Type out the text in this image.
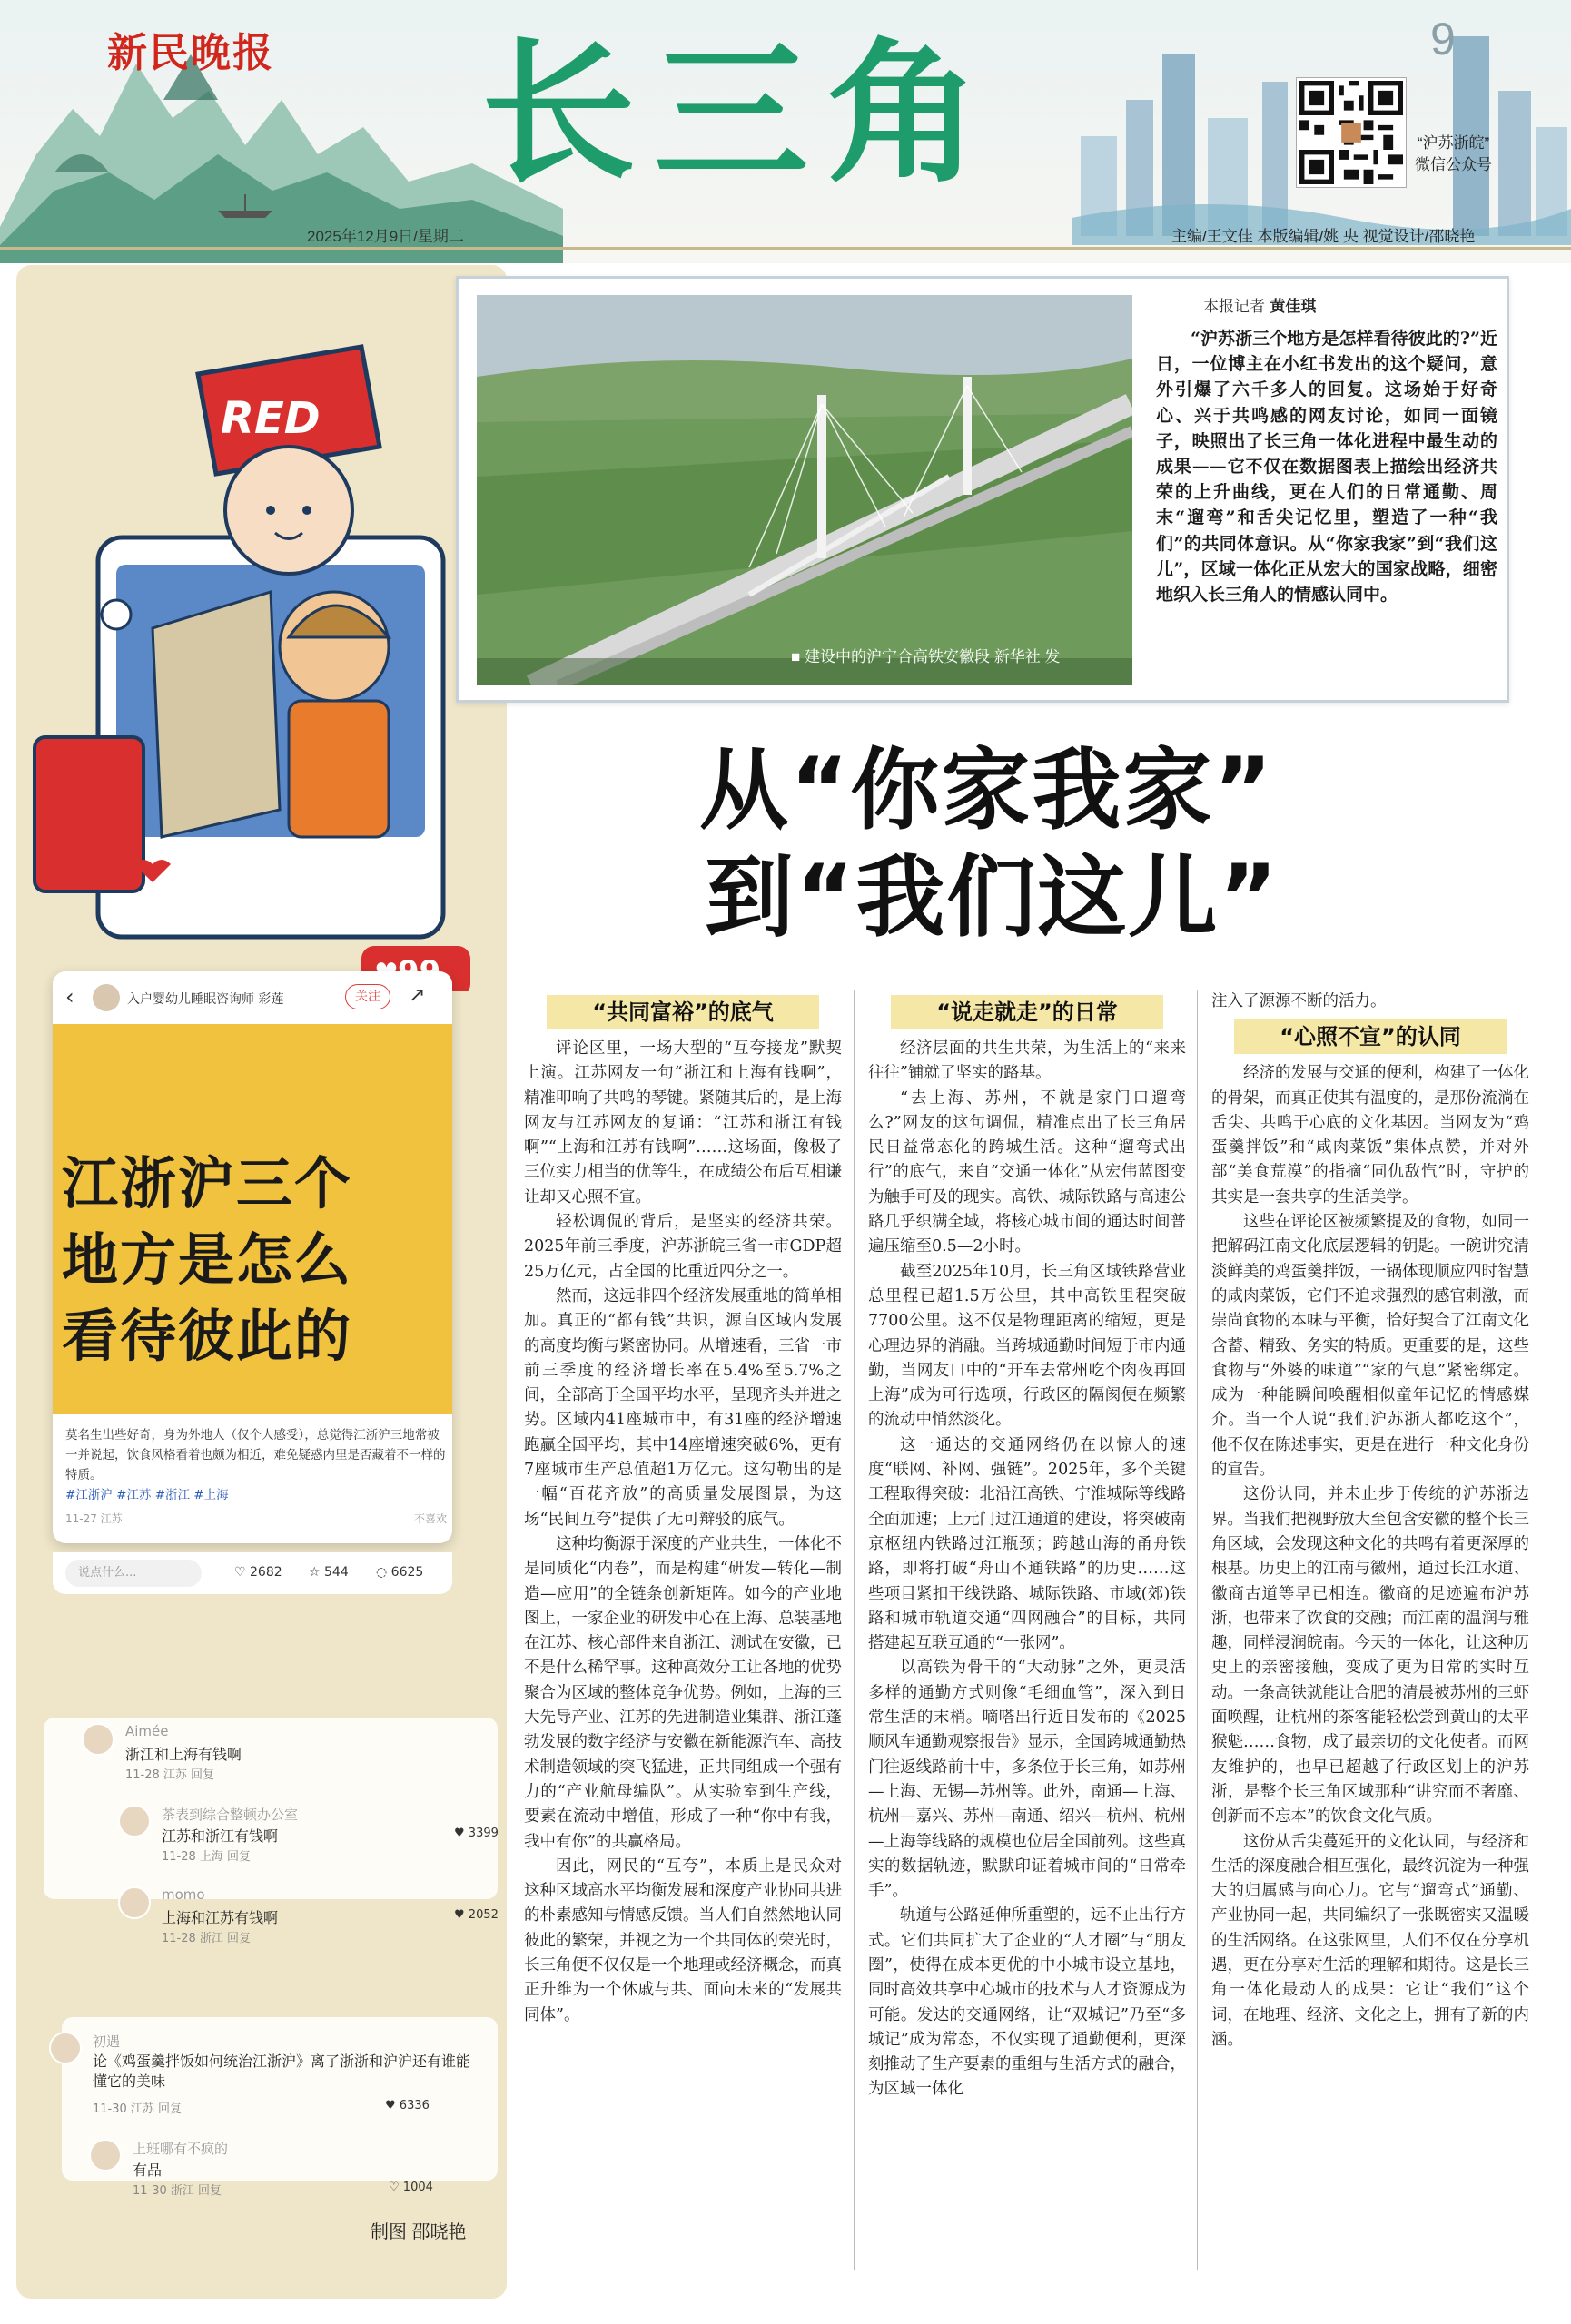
新民晚报 长三角	9
2025年12月9日/星期二	主编/王文佳 本版编辑/姚 央 视觉设计/邵晓艳
“沪苏浙皖”
微信公众号
RED
‹	入户婴幼儿睡眠咨询师 彩莲	关注	↗
莫名生出些好奇，身为外地人（仅个人感受），总觉得江浙沪三地常被一并说起，饮食风格看着也颇为相近，难免疑惑内里是否藏着不一样的特质。
#江浙沪 #江苏 #浙江 #上海
11-27 江苏	不喜欢
说点什么...	♡ 2682 ☆ 544 ◌ 6625
江浙沪三个
地方是怎么
看待彼此的
Aimée
浙江和上海有钱啊
11-28 江苏 回复
茶表到综合整顿办公室
江苏和浙江有钱啊
11-28 上海 回复
♥ 3399
momo
上海和江苏有钱啊
11-28 浙江 回复
♥ 2052
初遇
论《鸡蛋羹拌饭如何统治江浙沪》离了浙浙和沪沪还有谁能懂它的美味
11-30 江苏 回复	♥ 6336
上班哪有不疯的
有品
11-30 浙江 回复	♡ 1004
制图 邵晓艳
■ 建设中的沪宁合高铁安徽段 新华社 发
本报记者 黄佳琪
“沪苏浙三个地方是怎样看待彼此的?”近日，一位博主在小红书发出的这个疑问，意外引爆了六千多人的回复。这场始于好奇心、兴于共鸣感的网友讨论，如同一面镜子，映照出了长三角一体化进程中最生动的成果——它不仅在数据图表上描绘出经济共荣的上升曲线，更在人们的日常通勤、周末“遛弯”和舌尖记忆里，塑造了一种“我们”的共同体意识。从“你家我家”到“我们这儿”，区域一体化正从宏大的国家战略，细密地织入长三角人的情感认同中。
从“你家我家”
到“我们这儿”
“共同富裕”的底气

评论区里，一场大型的“互夸接龙”默契上演。江苏网友一句“浙江和上海有钱啊”，精准叩响了共鸣的琴键。紧随其后的，是上海网友与江苏网友的复诵：“江苏和浙江有钱啊”“上海和江苏有钱啊”……这场面，像极了三位实力相当的优等生，在成绩公布后互相谦让却又心照不宣。

轻松调侃的背后，是坚实的经济共荣。2025年前三季度，沪苏浙皖三省一市GDP超25万亿元，占全国的比重近四分之一。

然而，这远非四个经济发展重地的简单相加。真正的“都有钱”共识，源自区域内发展的高度均衡与紧密协同。从增速看，三省一市前三季度的经济增长率在5.4%至5.7%之间，全部高于全国平均水平，呈现齐头并进之势。区域内41座城市中，有31座的经济增速跑赢全国平均，其中14座增速突破6%，更有7座城市生产总值超1万亿元。这勾勒出的是一幅“百花齐放”的高质量发展图景，为这场“民间互夸”提供了无可辩驳的底气。

这种均衡源于深度的产业共生，一体化不是同质化“内卷”，而是构建“研发—转化—制造—应用”的全链条创新矩阵。如今的产业地图上，一家企业的研发中心在上海、总装基地在江苏、核心部件来自浙江、测试在安徽，已不是什么稀罕事。这种高效分工让各地的优势聚合为区域的整体竞争优势。例如，上海的三大先导产业、江苏的先进制造业集群、浙江蓬勃发展的数字经济与安徽在新能源汽车、高技术制造领域的突飞猛进，正共同组成一个强有力的“产业航母编队”。从实验室到生产线，要素在流动中增值，形成了一种“你中有我，我中有你”的共赢格局。

因此，网民的“互夸”，本质上是民众对这种区域高水平均衡发展和深度产业协同共进的朴素感知与情感反馈。当人们自然然地认同彼此的繁荣，并视之为一个共同体的荣光时，长三角便不仅仅是一个地理或经济概念，而真正升维为一个休戚与共、面向未来的“发展共同体”。

“说走就走”的日常

经济层面的共生共荣，为生活上的“来来往往”铺就了坚实的路基。

“去上海、苏州，不就是家门口遛弯么?”网友的这句调侃，精准点出了长三角居民日益常态化的跨城生活。这种“遛弯式出行”的底气，来自“交通一体化”从宏伟蓝图变为触手可及的现实。高铁、城际铁路与高速公路几乎织满全域，将核心城市间的通达时间普遍压缩至0.5—2小时。

截至2025年10月，长三角区域铁路营业总里程已超1.5万公里，其中高铁里程突破7700公里。这不仅是物理距离的缩短，更是心理边界的消融。当跨城通勤时间短于市内通勤，当网友口中的“开车去常州吃个肉夜再回上海”成为可行选项，行政区的隔阂便在频繁的流动中悄然淡化。

这一通达的交通网络仍在以惊人的速度“联网、补网、强链”。2025年，多个关键工程取得突破：北沿江高铁、宁淮城际等线路全面加速；上元门过江通道的建设，将突破南京枢纽内铁路过江瓶颈；跨越山海的甬舟铁路，即将打破“舟山不通铁路”的历史……这些项目紧扣干线铁路、城际铁路、市域(郊)铁路和城市轨道交通“四网融合”的目标，共同搭建起互联互通的“一张网”。

以高铁为骨干的“大动脉”之外，更灵活多样的通勤方式则像“毛细血管”，深入到日常生活的末梢。嘀嗒出行近日发布的《2025顺风车通勤观察报告》显示，全国跨城通勤热门往返线路前十中，多条位于长三角，如苏州—上海、无锡—苏州等。此外，南通—上海、杭州—嘉兴、苏州—南通、绍兴—杭州、杭州—上海等线路的规模也位居全国前列。这些真实的数据轨迹，默默印证着城市间的“日常牵手”。

轨道与公路延伸所重塑的，远不止出行方式。它们共同扩大了企业的“人才圈”与“朋友圈”，使得在成本更优的中小城市设立基地，同时高效共享中心城市的技术与人才资源成为可能。发达的交通网络，让“双城记”乃至“多城记”成为常态，不仅实现了通勤便利，更深刻推动了生产要素的重组与生活方式的融合，为区域一体化

注入了源源不断的活力。
“心照不宣”的认同

经济的发展与交通的便利，构建了一体化的骨架，而真正使其有温度的，是那份流淌在舌尖、共鸣于心底的文化基因。当网友为“鸡蛋羹拌饭”和“咸肉菜饭”集体点赞，并对外部“美食荒漠”的指摘“同仇敌忾”时，守护的其实是一套共享的生活美学。

这些在评论区被频繁提及的食物，如同一把解码江南文化底层逻辑的钥匙。一碗讲究清淡鲜美的鸡蛋羹拌饭，一锅体现顺应四时智慧的咸肉菜饭，它们不追求强烈的感官刺激，而崇尚食物的本味与平衡，恰好契合了江南文化含蓄、精致、务实的特质。更重要的是，这些食物与“外婆的味道”“家的气息”紧密绑定。成为一种能瞬间唤醒相似童年记忆的情感媒介。当一个人说“我们沪苏浙人都吃这个”，他不仅在陈述事实，更是在进行一种文化身份的宣告。

这份认同，并未止步于传统的沪苏浙边界。当我们把视野放大至包含安徽的整个长三角区域，会发现这种文化的共鸣有着更深厚的根基。历史上的江南与徽州，通过长江水道、徽商古道等早已相连。徽商的足迹遍布沪苏浙，也带来了饮食的交融；而江南的温润与雅趣，同样浸润皖南。今天的一体化，让这种历史上的亲密接触，变成了更为日常的实时互动。一条高铁就能让合肥的清晨被苏州的三虾面唤醒，让杭州的茶客能轻松尝到黄山的太平猴魁……食物，成了最亲切的文化使者。而网友维护的，也早已超越了行政区划上的沪苏浙，是整个长三角区域那种“讲究而不奢靡、创新而不忘本”的饮食文化气质。

这份从舌尖蔓延开的文化认同，与经济和生活的深度融合相互强化，最终沉淀为一种强大的归属感与向心力。它与“遛弯式”通勤、产业协同一起，共同编织了一张既密实又温暖的生活网络。在这张网里，人们不仅在分享机遇，更在分享对生活的理解和期待。这是长三角一体化最动人的成果：它让“我们”这个词，在地理、经济、文化之上，拥有了新的内涵。
